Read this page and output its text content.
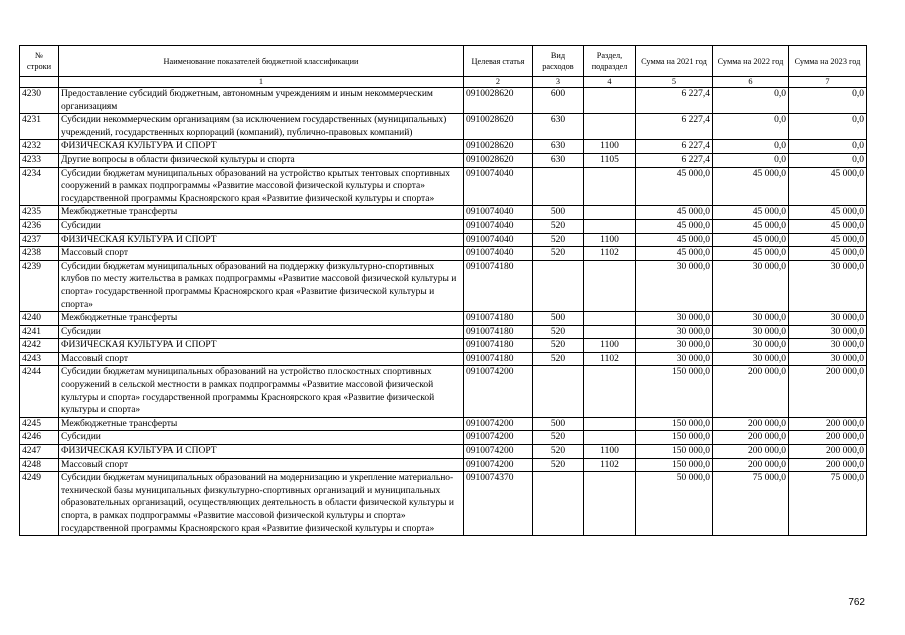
№ строки	Наименование показателей бюджетной классификации	Целевая статья	Вид расходов	Раздел, подраздел	Сумма на 2021 год	Сумма на 2022 год	Сумма на 2023 год
	1	2	3	4	5	6	7
4230	Предоставление субсидий бюджетным, автономным учреждениям и иным некоммерческим организациям	0910028620	600		6 227,4	0,0	0,0
4231	Субсидии некоммерческим организациям (за исключением государственных (муниципальных) учреждений, государственных корпораций (компаний), публично-правовых компаний)	0910028620	630		6 227,4	0,0	0,0
4232	ФИЗИЧЕСКАЯ КУЛЬТУРА И СПОРТ	0910028620	630	1100	6 227,4	0,0	0,0
4233	Другие вопросы в области физической культуры и спорта	0910028620	630	1105	6 227,4	0,0	0,0
4234	Субсидии бюджетам муниципальных образований на устройство крытых тентовых спортивных сооружений в рамках подпрограммы «Развитие массовой физической культуры и спорта» государственной программы Красноярского края «Развитие физической культуры и спорта»	0910074040			45 000,0	45 000,0	45 000,0
4235	Межбюджетные трансферты	0910074040	500		45 000,0	45 000,0	45 000,0
4236	Субсидии	0910074040	520		45 000,0	45 000,0	45 000,0
4237	ФИЗИЧЕСКАЯ КУЛЬТУРА И СПОРТ	0910074040	520	1100	45 000,0	45 000,0	45 000,0
4238	Массовый спорт	0910074040	520	1102	45 000,0	45 000,0	45 000,0
4239	Субсидии бюджетам муниципальных образований на поддержку физкультурно-спортивных клубов по месту жительства в рамках подпрограммы «Развитие массовой физической культуры и спорта» государственной программы Красноярского края «Развитие физической культуры и спорта»	0910074180			30 000,0	30 000,0	30 000,0
4240	Межбюджетные трансферты	0910074180	500		30 000,0	30 000,0	30 000,0
4241	Субсидии	0910074180	520		30 000,0	30 000,0	30 000,0
4242	ФИЗИЧЕСКАЯ КУЛЬТУРА И СПОРТ	0910074180	520	1100	30 000,0	30 000,0	30 000,0
4243	Массовый спорт	0910074180	520	1102	30 000,0	30 000,0	30 000,0
4244	Субсидии бюджетам муниципальных образований на устройство плоскостных спортивных сооружений в сельской местности в рамках подпрограммы «Развитие массовой физической культуры и спорта» государственной программы Красноярского края «Развитие физической культуры и спорта»	0910074200			150 000,0	200 000,0	200 000,0
4245	Межбюджетные трансферты	0910074200	500		150 000,0	200 000,0	200 000,0
4246	Субсидии	0910074200	520		150 000,0	200 000,0	200 000,0
4247	ФИЗИЧЕСКАЯ КУЛЬТУРА И СПОРТ	0910074200	520	1100	150 000,0	200 000,0	200 000,0
4248	Массовый спорт	0910074200	520	1102	150 000,0	200 000,0	200 000,0
4249	Субсидии бюджетам муниципальных образований на модернизацию и укрепление материально-технической базы муниципальных физкультурно-спортивных организаций и муниципальных образовательных организаций, осуществляющих деятельность в области физической культуры и спорта, в рамках подпрограммы «Развитие массовой физической культуры и спорта» государственной программы Красноярского края «Развитие физической культуры и спорта»	0910074370			50 000,0	75 000,0	75 000,0
762
